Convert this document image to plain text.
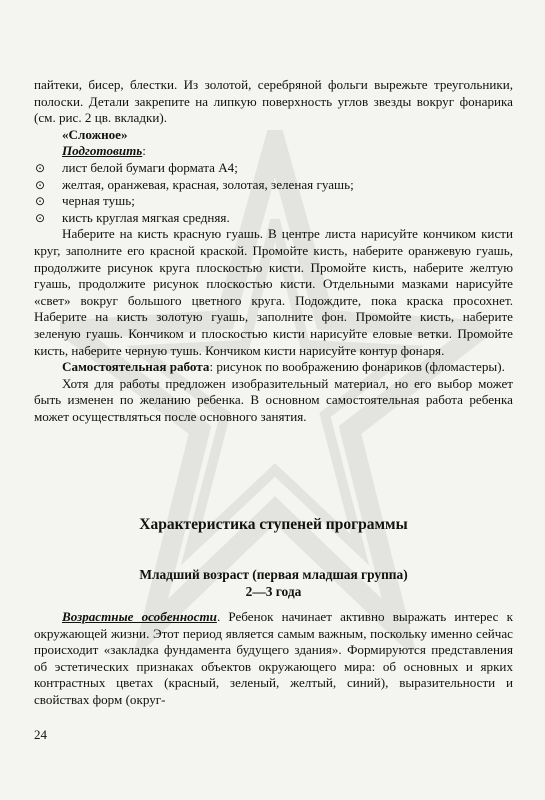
пайтеки, бисер, блестки. Из золотой, серебряной фольги вырежьте треугольники, полоски. Детали закрепите на липкую поверхность углов звезды вокруг фонарика (см. рис. 2 цв. вкладки).

«Сложное»

Подготовить:

⊙ лист белой бумаги формата А4;
⊙ желтая, оранжевая, красная, золотая, зеленая гуашь;
⊙ черная тушь;
⊙ кисть круглая мягкая средняя.

Наберите на кисть красную гуашь. В центре листа нарисуйте кончиком кисти круг, заполните его красной краской. Промойте кисть, наберите оранжевую гуашь, продолжите рисунок круга плоскостью кисти. Промойте кисть, наберите желтую гуашь, продолжите рисунок плоскостью кисти. Отдельными мазками нарисуйте «свет» вокруг большого цветного круга. Подождите, пока краска просохнет. Наберите на кисть золотую гуашь, заполните фон. Промойте кисть, наберите зеленую гуашь. Кончиком и плоскостью кисти нарисуйте еловые ветки. Промойте кисть, наберите черную тушь. Кончиком кисти нарисуйте контур фонаря.

Самостоятельная работа: рисунок по воображению фонариков (фломастеры).

Хотя для работы предложен изобразительный материал, но его выбор может быть изменен по желанию ребенка. В основном самостоятельная работа ребенка может осуществляться после основного занятия.

Характеристика ступеней программы
Младший возраст (первая младшая группа)
2—3 года

Возрастные особенности. Ребенок начинает активно выражать интерес к окружающей жизни. Этот период является самым важным, поскольку именно сейчас происходит «закладка фундамента будущего здания». Формируются представления об эстетических признаках объектов окружающего мира: об основных и ярких контрастных цветах (красный, зеленый, желтый, синий), выразительности и свойствах форм (округ-

24
